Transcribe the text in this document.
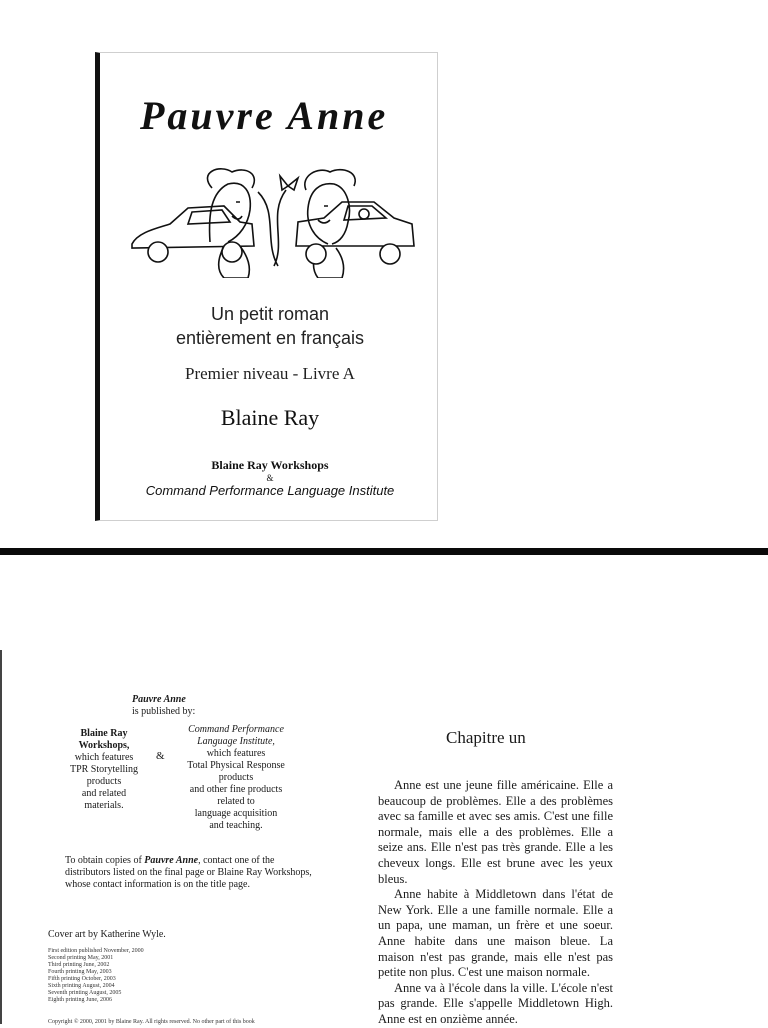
Pauvre Anne
Un petit roman
entièrement en français
Premier niveau - Livre A
Blaine Ray
Blaine Ray Workshops
&
Command Performance Language Institute
Pauvre Anne
is published by:
Blaine Ray
Workshops,
which features
TPR Storytelling
products
and related
materials.
&
Command Performance
Language Institute,
which features
Total Physical Response
products
and other fine products
related to
language acquisition
and teaching.
To obtain copies of Pauvre Anne, contact one of the distributors listed on the final page or Blaine Ray Workshops, whose contact information is on the title page.
Cover art by Katherine Wyle.
First edition published November, 2000
Second printing May, 2001
Third printing June, 2002
Fourth printing May, 2003
Fifth printing October, 2003
Sixth printing August, 2004
Seventh printing August, 2005
Eighth printing June, 2006
Copyright © 2000, 2001 by Blaine Ray. All rights reserved. No other part of this book
Chapitre un

Anne est une jeune fille américaine. Elle a beaucoup de problèmes. Elle a des problèmes avec sa famille et avec ses amis. C'est une fille normale, mais elle a des problèmes. Elle a seize ans. Elle n'est pas très grande. Elle a les cheveux longs. Elle est brune avec les yeux bleus.

Anne habite à Middletown dans l'état de New York. Elle a une famille normale. Elle a un papa, une maman, un frère et une soeur. Anne habite dans une maison bleue. La maison n'est pas grande, mais elle n'est pas petite non plus. C'est une maison normale.

Anne va à l'école dans la ville. L'école n'est pas grande. Elle s'appelle Middletown High. Anne est en onzième année.
